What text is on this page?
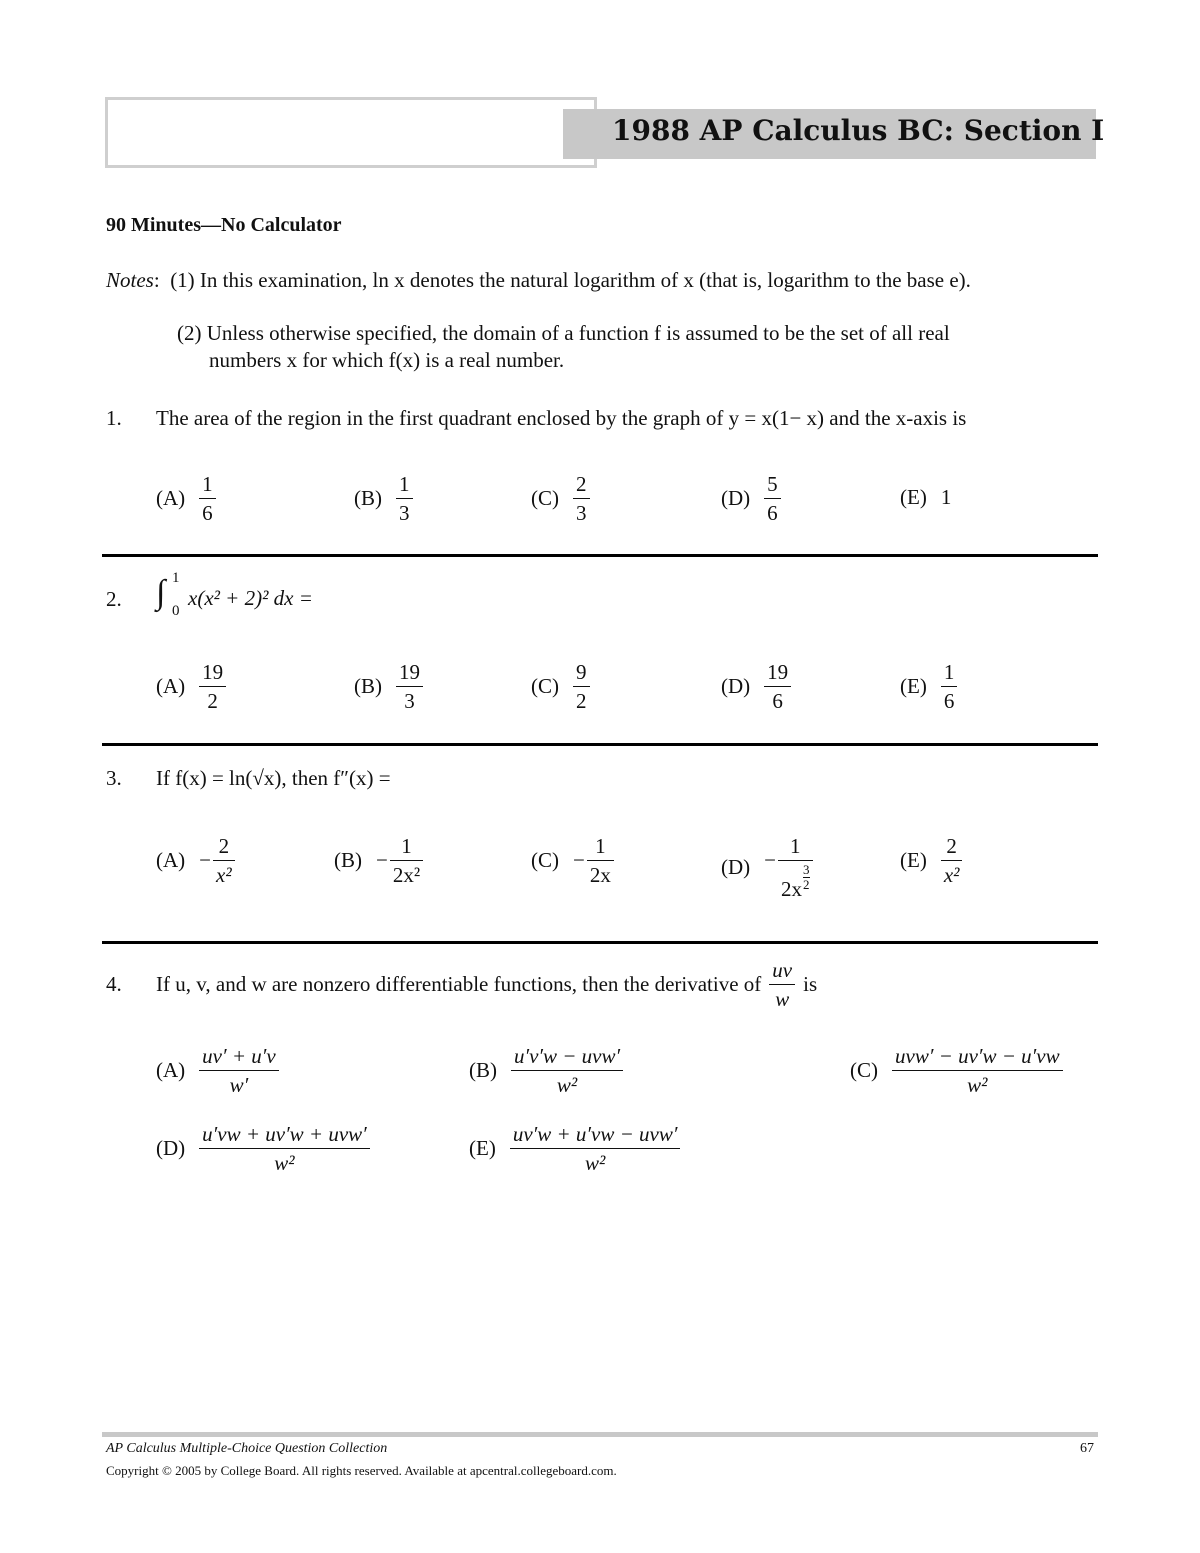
1988 AP Calculus BC: Section I
90 Minutes—No Calculator
Notes:  (1) In this examination, ln x denotes the natural logarithm of x (that is, logarithm to the base e).
(2) Unless otherwise specified, the domain of a function f is assumed to be the set of all real
numbers x for which f(x) is a real number.
1. The area of the region in the first quadrant enclosed by the graph of y = x(1− x) and the x-axis is
$(A) \frac{1}{6}$	$(B) \frac{1}{3}$	$(C) \frac{2}{3}$	$(D) \frac{5}{6}$	(E) 1
2. ∫ 1
0
x(x² + 2)² dx =
$(A) \frac{19}{2}$	$(B) \frac{19}{3}$	$(C) \frac{9}{2}$	$(D) \frac{19}{6}$	$(E) \frac{1}{6}$
3. If f(x) = ln(√x), then f″(x) =
$(A) - \frac{2}{\text{x²}}$	$(B) - \frac{1}{\text{2x²}}$	$(C) - \frac{1}{2x}$	(D) − 1
2x
3
2	$(E) \frac{2}{\text{x²}}$
4. If u, v, and w are nonzero differentiable functions, then the derivative of $\frac{uv}{w}$ is
$(A) \frac{uv' + u'v}{w'}$	$(B) \frac{\text{u′v′w − uvw′}}{\text{w²}}$	$(C) \frac{\text{uvw′ − uv′w − u′vw}}{\text{w²}}$
$(D) \frac{\text{u′vw + uv′w + uvw′}}{\text{w²}}$	$(E) \frac{\text{uv′w + u′vw − uvw′}}{\text{w²}}$
AP Calculus Multiple-Choice Question Collection	67
Copyright © 2005 by College Board. All rights reserved. Available at apcentral.collegeboard.com.
